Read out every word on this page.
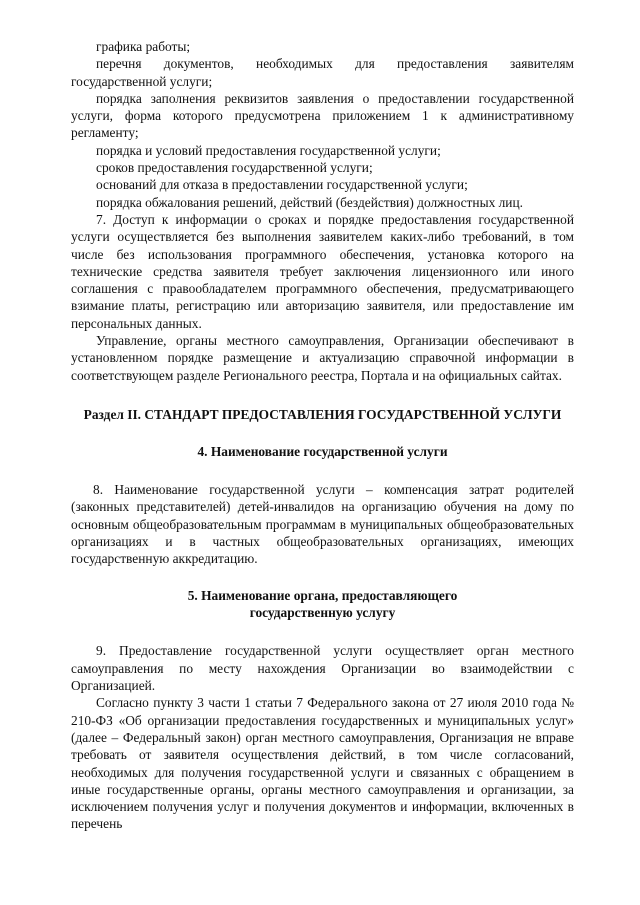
графика работы;

перечня документов, необходимых для предоставления заявителям государственной услуги;

порядка заполнения реквизитов заявления о предоставлении государственной услуги, форма которого предусмотрена приложением 1 к административному регламенту;

порядка и условий предоставления государственной услуги;

сроков предоставления государственной услуги;

оснований для отказа в предоставлении государственной услуги;

порядка обжалования решений, действий (бездействия) должностных лиц.

7. Доступ к информации о сроках и порядке предоставления государственной услуги осуществляется без выполнения заявителем каких-либо требований, в том числе без использования программного обеспечения, установка которого на технические средства заявителя требует заключения лицензионного или иного соглашения с правообладателем программного обеспечения, предусматривающего взимание платы, регистрацию или авторизацию заявителя, или предоставление им персональных данных.

Управление, органы местного самоуправления, Организации обеспечивают в установленном порядке размещение и актуализацию справочной информации в соответствующем разделе Регионального реестра, Портала и на официальных сайтах.

Раздел II. СТАНДАРТ ПРЕДОСТАВЛЕНИЯ ГОСУДАРСТВЕННОЙ УСЛУГИ
4. Наименование государственной услуги

8. Наименование государственной услуги – компенсация затрат родителей (законных представителей) детей-инвалидов на организацию обучения на дому по основным общеобразовательным программам в муниципальных общеобразовательных организациях и в частных общеобразовательных организациях, имеющих государственную аккредитацию.

5. Наименование органа, предоставляющего
государственную услугу

9. Предоставление государственной услуги осуществляет орган местного самоуправления по месту нахождения Организации во взаимодействии с Организацией.

Согласно пункту 3 части 1 статьи 7 Федерального закона от 27 июля 2010 года № 210-ФЗ «Об организации предоставления государственных и муниципальных услуг» (далее – Федеральный закон) орган местного самоуправления, Организация не вправе требовать от заявителя осуществления действий, в том числе согласований, необходимых для получения государственной услуги и связанных с обращением в иные государственные органы, органы местного самоуправления и организации, за исключением получения услуг и получения документов и информации, включенных в перечень
